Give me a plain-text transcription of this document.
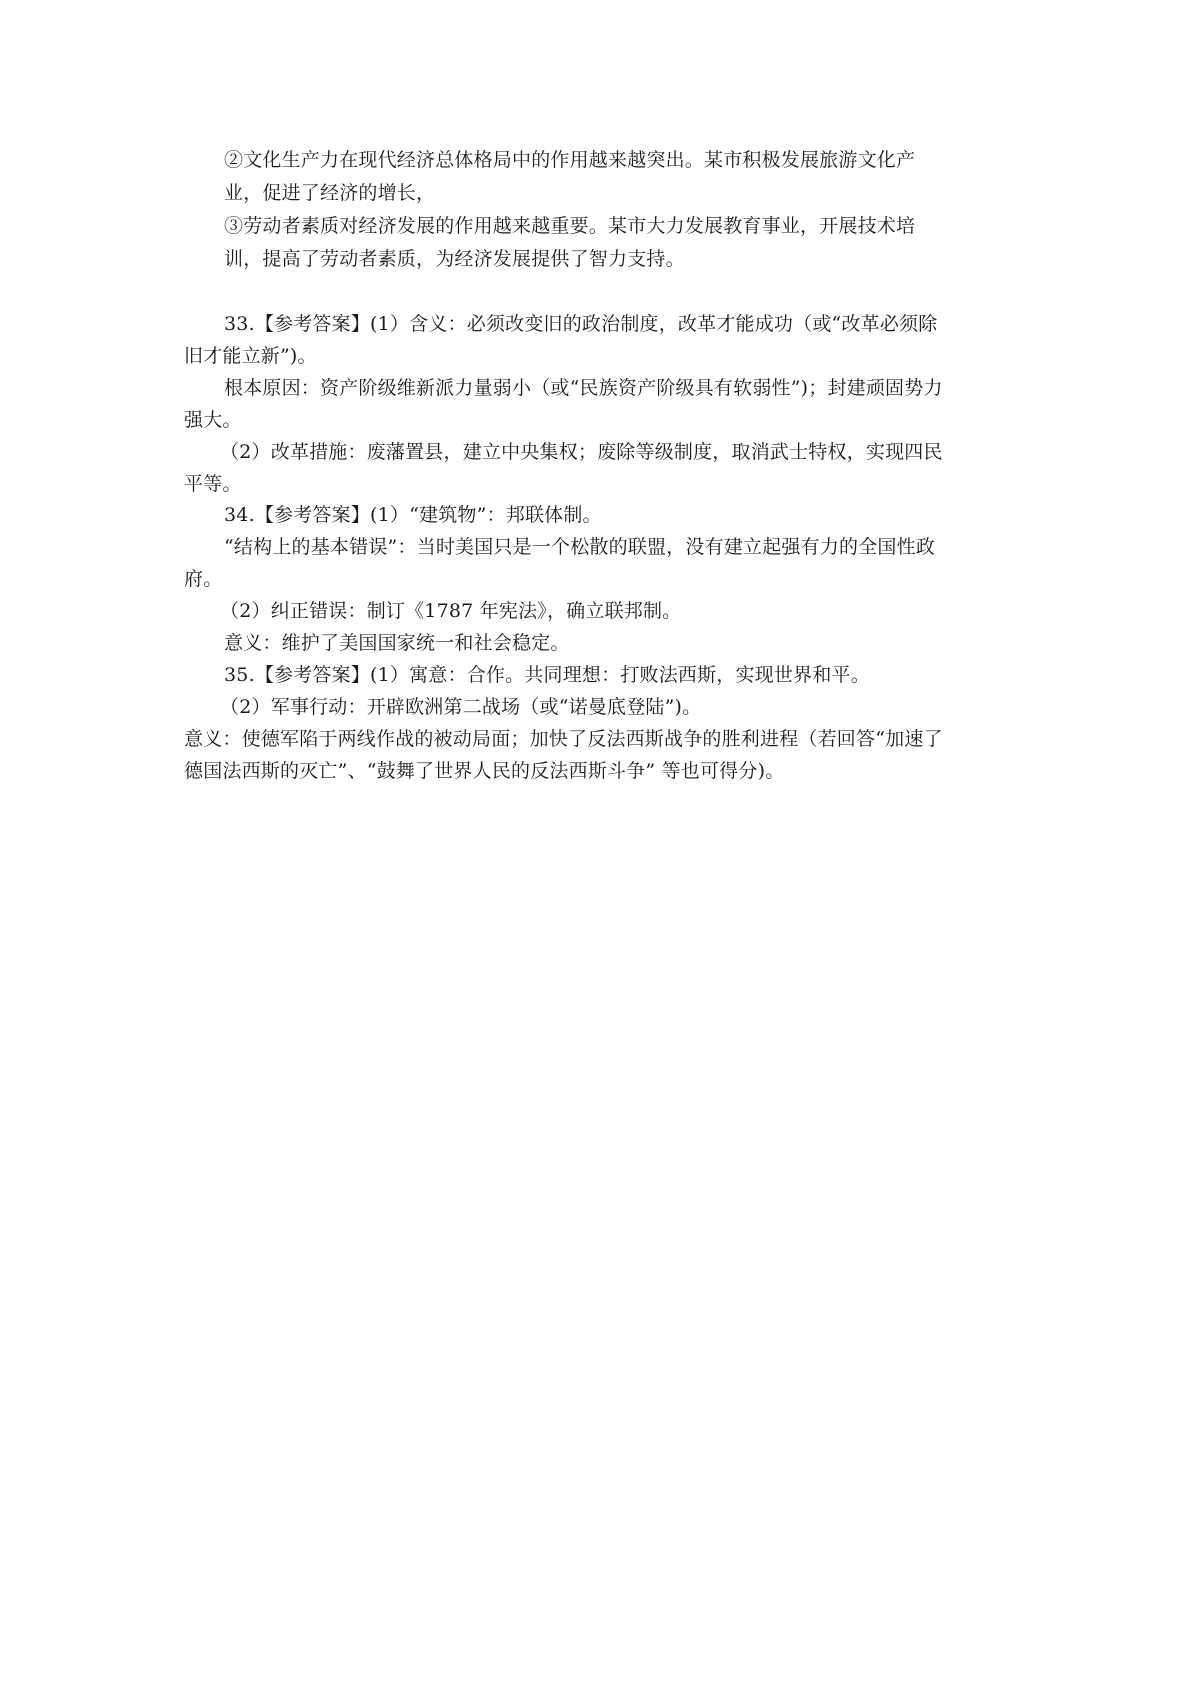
②文化生产力在现代经济总体格局中的作用越来越突出。某市积极发展旅游文化产
业，促进了经济的增长，
③劳动者素质对经济发展的作用越来越重要。某市大力发展教育事业，开展技术培
训，提高了劳动者素质，为经济发展提供了智力支持。
33.【参考答案】(1）含义：必须改变旧的政治制度，改革才能成功（或“改革必须除
旧才能立新”)。
根本原因：资产阶级维新派力量弱小（或“民族资产阶级具有软弱性”)；封建顽固势力
强大。
（2）改革措施：废藩置县，建立中央集权；废除等级制度，取消武士特权，实现四民
平等。
34.【参考答案】(1）“建筑物”：邦联体制。
“结构上的基本错误”：当时美国只是一个松散的联盟，没有建立起强有力的全国性政
府。
（2）纠正错误：制订《1787 年宪法》，确立联邦制。
意义：维护了美国国家统一和社会稳定。
35.【参考答案】(1）寓意：合作。共同理想：打败法西斯，实现世界和平。
（2）军事行动：开辟欧洲第二战场（或“诺曼底登陆”)。
意义：使德军陷于两线作战的被动局面；加快了反法西斯战争的胜利进程（若回答“加速了
德国法西斯的灭亡”、“鼓舞了世界人民的反法西斯斗争” 等也可得分)。
